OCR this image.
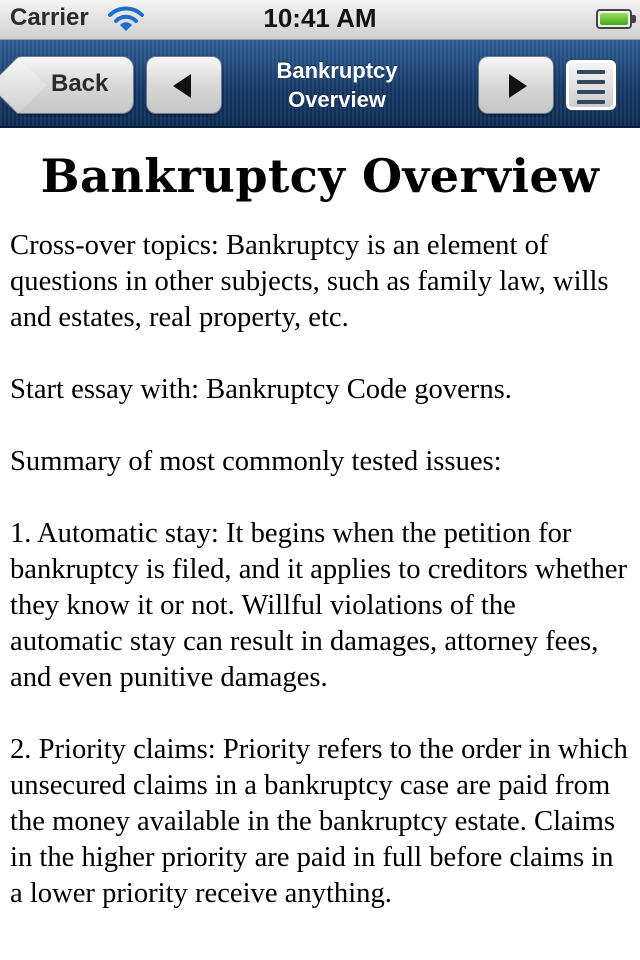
Carrier	10:41 AM
Back	Bankruptcy
Overview
Bankruptcy Overview

Cross-over topics: Bankruptcy is an element of questions in other subjects, such as family law, wills and estates, real property, etc.

Start essay with: Bankruptcy Code governs.

Summary of most commonly tested issues:

1. Automatic stay: It begins when the petition for bankruptcy is filed, and it applies to creditors whether they know it or not. Willful violations of the automatic stay can result in damages, attorney fees, and even punitive damages.

2. Priority claims: Priority refers to the order in which unsecured claims in a bankruptcy case are paid from the money available in the bankruptcy estate. Claims in the higher priority are paid in full before claims in a lower priority receive anything.
